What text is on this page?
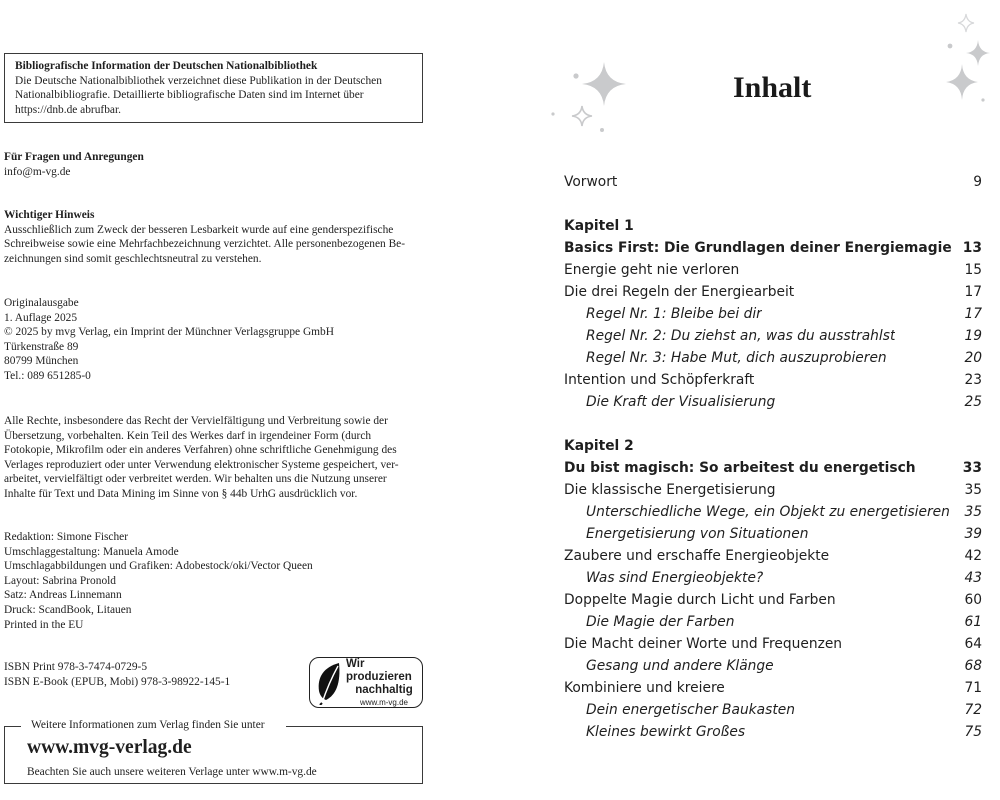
Bibliografische Information der Deutschen Nationalbibliothek
Die Deutsche Nationalbibliothek verzeichnet diese Publikation in der Deutschen
Nationalbibliografie. Detaillierte bibliografische Daten sind im Internet über
https://dnb.de abrufbar.
Für Fragen und Anregungen
info@m-vg.de
Wichtiger Hinweis
Ausschließlich zum Zweck der besseren Lesbarkeit wurde auf eine genderspezifische
Schreibweise sowie eine Mehrfachbezeichnung verzichtet. Alle personenbezogenen Be-
zeichnungen sind somit geschlechtsneutral zu verstehen.
Originalausgabe
1. Auflage 2025
© 2025 by mvg Verlag, ein Imprint der Münchner Verlagsgruppe GmbH
Türkenstraße 89
80799 München
Tel.: 089 651285-0
Alle Rechte, insbesondere das Recht der Vervielfältigung und Verbreitung sowie der
Übersetzung, vorbehalten. Kein Teil des Werkes darf in irgendeiner Form (durch
Fotokopie, Mikrofilm oder ein anderes Verfahren) ohne schriftliche Genehmigung des
Verlages reproduziert oder unter Verwendung elektronischer Systeme gespeichert, ver-
arbeitet, vervielfältigt oder verbreitet werden. Wir behalten uns die Nutzung unserer
Inhalte für Text und Data Mining im Sinne von § 44b UrhG ausdrücklich vor.
Redaktion: Simone Fischer
Umschlaggestaltung: Manuela Amode
Umschlagabbildungen und Grafiken: Adobestock/oki/Vector Queen
Layout: Sabrina Pronold
Satz: Andreas Linnemann
Druck: ScandBook, Litauen
Printed in the EU
ISBN Print 978-3-7474-0729-5
ISBN E-Book (EPUB, Mobi) 978-3-98922-145-1
Wir produzieren
nachhaltig
www.m-vg.de
Weitere Informationen zum Verlag finden Sie unter
www.mvg-verlag.de
Beachten Sie auch unsere weiteren Verlage unter www.m-vg.de
Inhalt
Vorwort	9
Kapitel 1
Basics First: Die Grundlagen deiner Energiemagie 13
Energie geht nie verloren	15
Die drei Regeln der Energiearbeit	17
Regel Nr. 1: Bleibe bei dir	17
Regel Nr. 2: Du ziehst an, was du ausstrahlst	19
Regel Nr. 3: Habe Mut, dich auszuprobieren	20
Intention und Schöpferkraft	23
Die Kraft der Visualisierung	25
Kapitel 2
Du bist magisch: So arbeitest du energetisch	33
Die klassische Energetisierung	35
Unterschiedliche Wege, ein Objekt zu energetisieren	35
Energetisierung von Situationen	39
Zaubere und erschaffe Energieobjekte	42
Was sind Energieobjekte?	43
Doppelte Magie durch Licht und Farben	60
Die Magie der Farben	61
Die Macht deiner Worte und Frequenzen	64
Gesang und andere Klänge	68
Kombiniere und kreiere	71
Dein energetischer Baukasten	72
Kleines bewirkt Großes	75
